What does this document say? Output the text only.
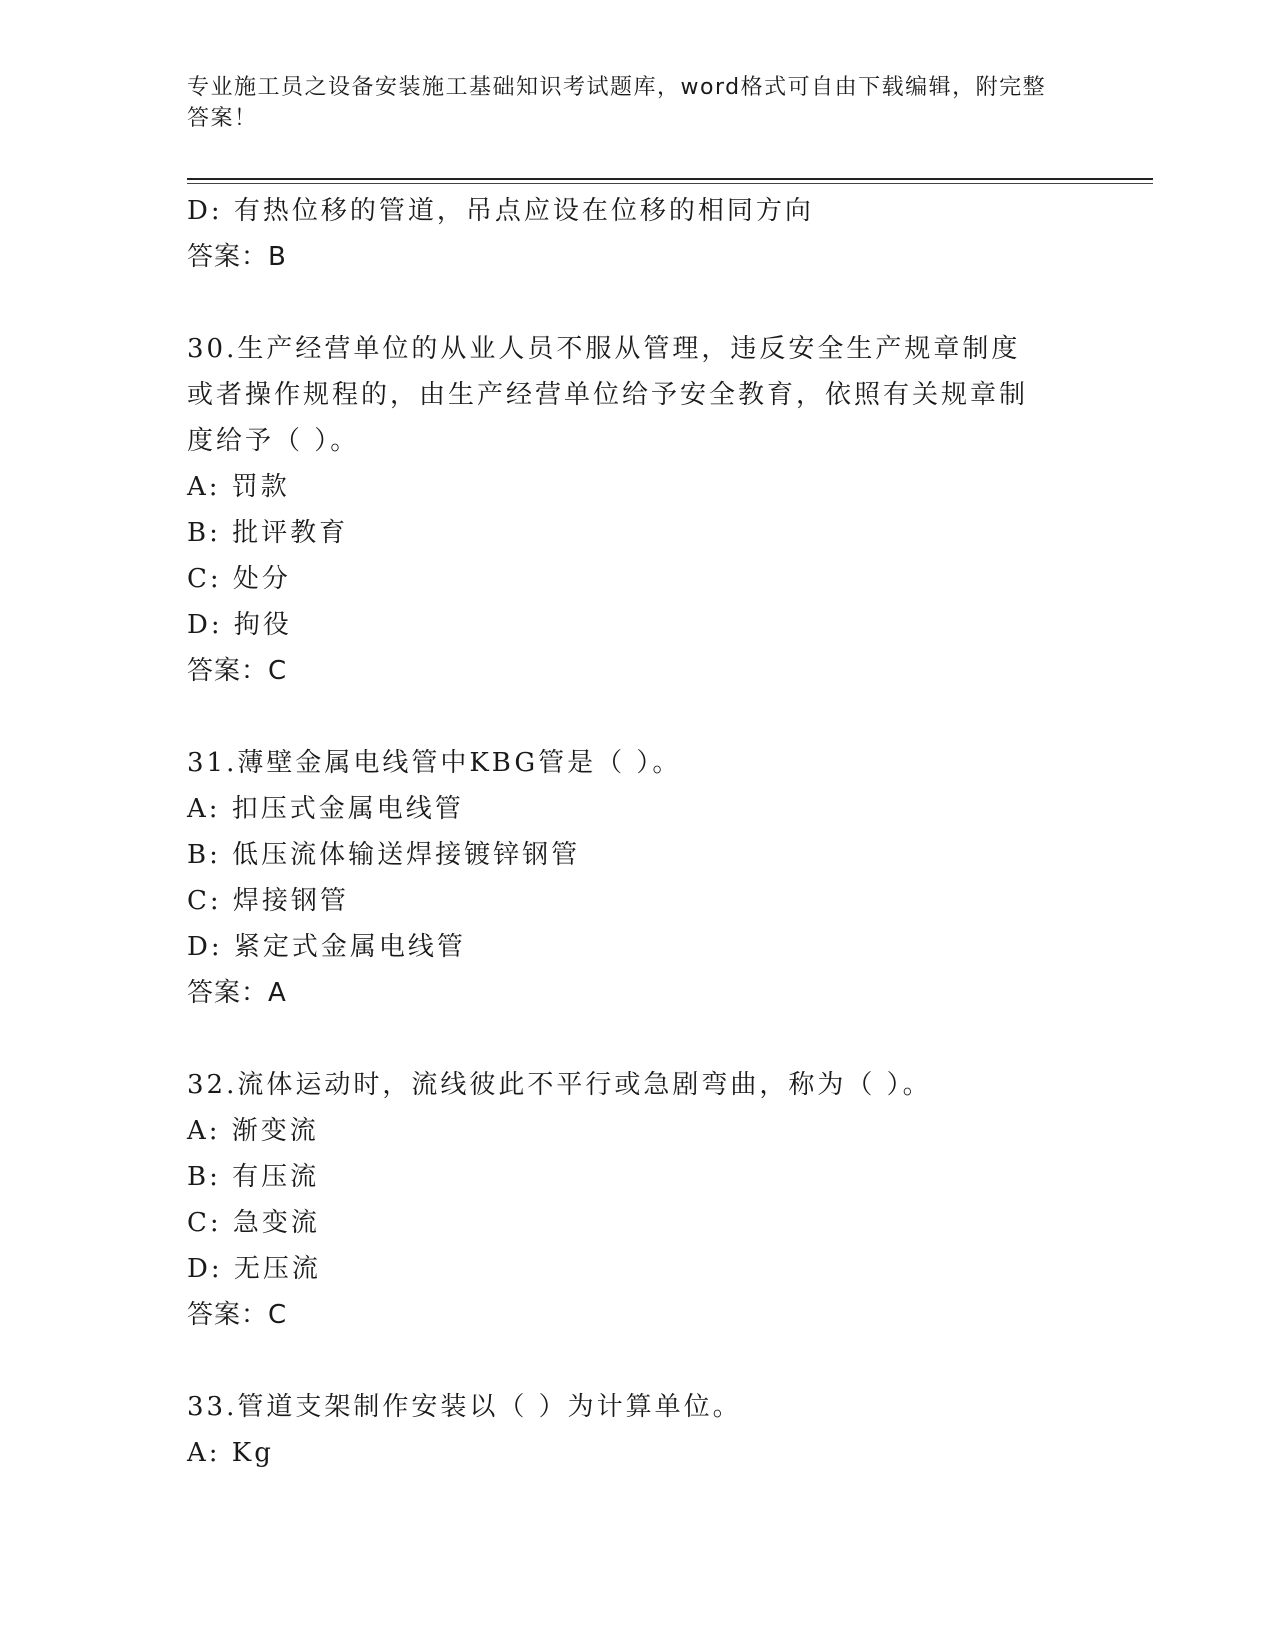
专业施工员之设备安装施工基础知识考试题库，word格式可自由下载编辑，附完整答案！
D: 有热位移的管道，吊点应设在位移的相同方向
答案：B
30.生产经营单位的从业人员不服从管理，违反安全生产规章制度或者操作规程的，由生产经营单位给予安全教育，依照有关规章制度给予（ ）。
A: 罚款
B: 批评教育
C: 处分
D: 拘役
答案：C
31.薄壁金属电线管中KBG管是（ ）。
A: 扣压式金属电线管
B: 低压流体输送焊接镀锌钢管
C: 焊接钢管
D: 紧定式金属电线管
答案：A
32.流体运动时，流线彼此不平行或急剧弯曲，称为（ ）。
A: 渐变流
B: 有压流
C: 急变流
D: 无压流
答案：C
33.管道支架制作安装以（ ）为计算单位。
A: Kg
